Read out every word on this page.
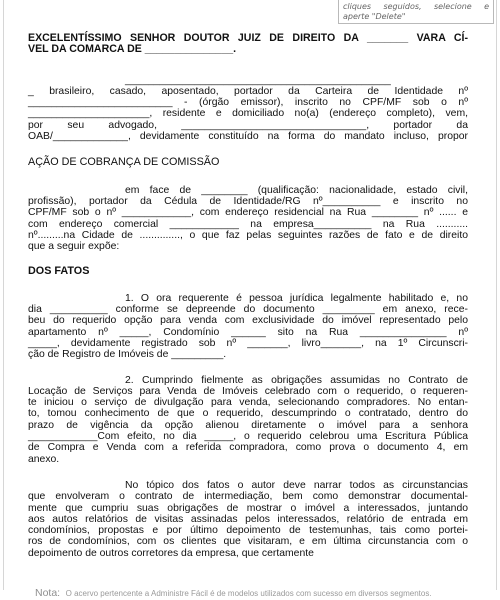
cliques seguidos, selecione e
aperte "Delete"
EXCELENTÍSSIMO SENHOR DOUTOR JUIZ DE DIREITO DA _______ VARA CÍ-
VEL DA COMARCA DE _______________.
______________________________________________
_ brasileiro, casado, aposentado, portador da Carteira de Identidade nº
_________________________ - (órgão emissor), inscrito no CPF/MF sob o nº
_____________________, residente e domiciliado no(a) (endereço completo), vem,
por seu advogado, ________________________________, portador da
OAB/_____________, devidamente constituído na forma do mandato incluso, propor
AÇÃO DE COBRANÇA DE COMISSÃO
em face de ________ (qualificação: nacionalidade, estado civil,
profissão), portador da Cédula de Identidade/RG nº__________ e inscrito no
CPF/MF sob o nº ____________, com endereço residencial na Rua ________ nº ...... e
com endereço comercial ____________ na empresa__________ na Rua ...........
nº.........na Cidade de .............., o que faz pelas seguintes razões de fato e de direito
que a seguir expõe:
DOS FATOS
1. O ora requerente é pessoa jurídica legalmente habilitado e, no
dia __________ conforme se depreende do documento _________ em anexo, rece-
beu do requerido opção para venda com exclusividade do imóvel representado pelo
apartamento nº _____, Condomínio ______ sito na Rua _______________ nº
_____, devidamente registrado sob nº _______, livro_______, na 1º Circunscri-
ção de Registro de Imóveis de _________.
2. Cumprindo fielmente as obrigações assumidas no Contrato de
Locação de Serviços para Venda de Imóveis celebrado com o requerido, o requeren-
te iniciou o serviço de divulgação para venda, selecionando compradores. No entan-
to, tomou conhecimento de que o requerido, descumprindo o contratado, dentro do
prazo de vigência da opção alienou diretamente o imóvel para a senhora
____________Com efeito, no dia _____, o requerido celebrou uma Escritura Pública
de Compra e Venda com a referida compradora, como prova o documento 4, em
anexo.
No tópico dos fatos o autor deve narrar todos as circunstancias
que envolveram o contrato de intermediação, bem como demonstrar documental-
mente que cumpriu suas obrigações de mostrar o imóvel a interessados, juntando
aos autos relatórios de visitas assinadas pelos interessados, relatório de entrada em
condomínios, propostas e por último depoimento de testemunhas, tais como portei-
ros de condomínios, com os clientes que visitaram, e em última circunstancia com o
depoimento de outros corretores da empresa, que certamente
Nota: O acervo pertencente a Administre Fácil é de modelos utilizados com sucesso em diversos segmentos.
